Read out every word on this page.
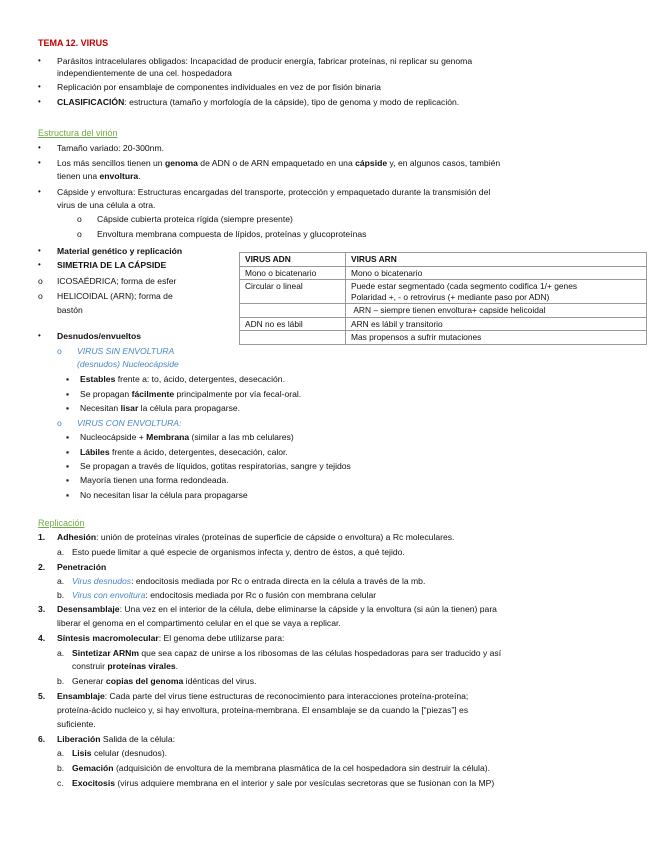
TEMA 12. VIRUS
• Parásitos intracelulares obligados: Incapacidad de producir energía, fabricar proteínas, ni replicar su genoma
independientemente de una cel. hospedadora
• Replicación por ensamblaje de componentes individuales en vez de por fisión binaria
• CLASIFICACIÓN: estructura (tamaño y morfología de la cápside), tipo de genoma y modo de replicación.
Estructura del virión
• Tamaño variado: 20-300nm.
• Los más sencillos tienen un genoma de ADN o de ARN empaquetado en una cápside y, en algunos casos, también
tienen una envoltura.
• Cápside y envoltura: Estructuras encargadas del transporte, protección y empaquetado durante la transmisión del
virus de una célula a otra.
o Cápside cubierta proteica rígida (siempre presente)
o Envoltura membrana compuesta de lípidos, proteínas y glucoproteínas
• Material genético y replicación
• SIMETRIA DE LA CÁPSIDE
o ICOSAÉDRICA; forma de esfer
o HELICOIDAL (ARN); forma de
bastón
VIRUS ADN	VIRUS ARN
Mono o bicatenario	Mono o bicatenario
Circular o lineal	Puede estar segmentado (cada segmento codifica 1/+ genes
Polaridad +, - o retrovirus (+ mediante paso por ADN)

	ARN – siempre tienen envoltura+ capside helicoidal
ADN no es lábil	ARN es lábil y transitorio
	Mas propensos a sufrir mutaciones
• Desnudos/envueltos
o VIRUS SIN ENVOLTURA
(desnudos) Nucleocápside
▪ Estables frente a: to, ácido, detergentes, desecación.
▪ Se propagan fácilmente principalmente por vía fecal-oral.
▪ Necesitan lisar la célula para propagarse.
o VIRUS CON ENVOLTURA:
▪ Nucleocápside + Membrana (similar a las mb celulares)
▪ Lábiles frente a ácido, detergentes, desecación, calor.
▪ Se propagan a través de líquidos, gotitas respiratorias, sangre y tejidos
▪ Mayoría tienen una forma redondeada.
▪ No necesitan lisar la célula para propagarse
Replicación
1. Adhesión: unión de proteínas virales (proteínas de superficie de cápside o envoltura) a Rc moleculares.
a. Esto puede limitar a qué especie de organismos infecta y, dentro de éstos, a qué tejido.
2. Penetración
a. Virus desnudos: endocitosis mediada por Rc o entrada directa en la célula a través de la mb.
b. Virus con envoltura: endocitosis mediada por Rc o fusión con membrana celular
3. Desensamblaje: Una vez en el interior de la célula, debe eliminarse la cápside y la envoltura (si aún la tienen) para
liberar el genoma en el compartimento celular en el que se vaya a replicar.
4. Síntesis macromolecular: El genoma debe utilizarse para:
a. Sintetizar ARNm que sea capaz de unirse a los ribosomas de las células hospedadoras para ser traducido y así
construir proteínas virales.
b. Generar copias del genoma idénticas del virus.
5. Ensamblaje: Cada parte del virus tiene estructuras de reconocimiento para interacciones proteína-proteína;
proteína-ácido nucleico y, si hay envoltura, proteína-membrana. El ensamblaje se da cuando la [“piezas”] es
suficiente.
6. Liberación Salida de la célula:
a. Lisis celular (desnudos).
b. Gemación (adquisición de envoltura de la membrana plasmática de la cel hospedadora sin destruir la célula).
c. Exocitosis (virus adquiere membrana en el interior y sale por vesículas secretoras que se fusionan con la MP)
